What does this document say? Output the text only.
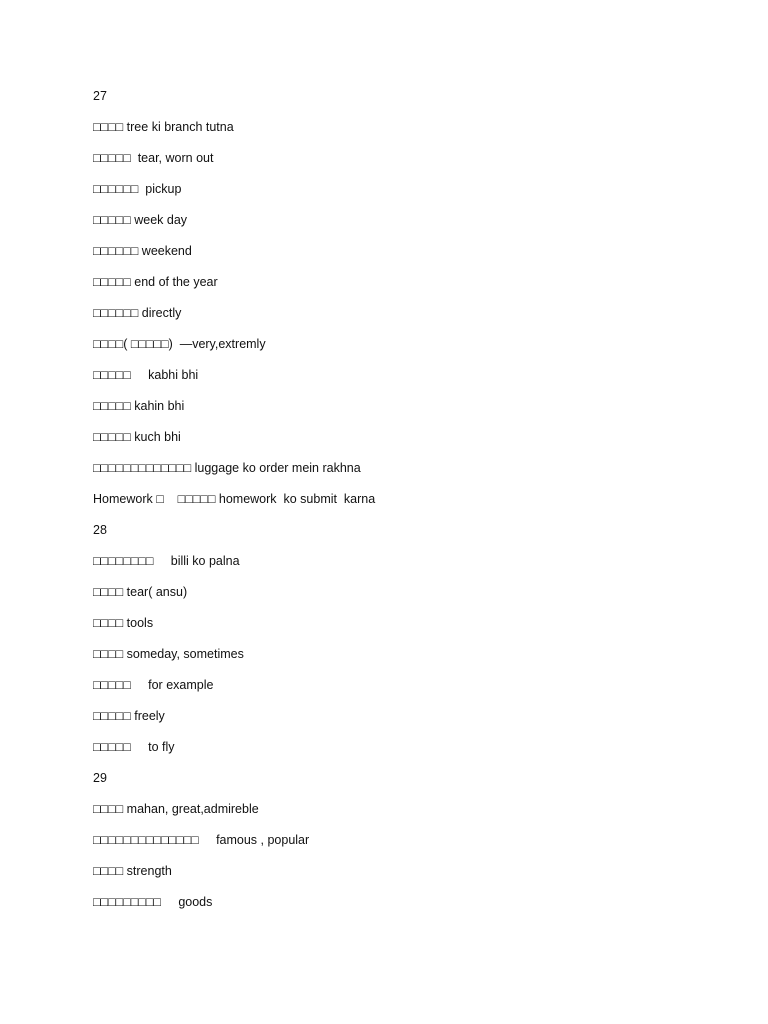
27
□□□□ tree ki branch tutna
□□□□□  tear, worn out
□□□□□□  pickup
□□□□□ week day
□□□□□□ weekend
□□□□□ end of the year
□□□□□□ directly
□□□□( □□□□□)  —very,extremly
□□□□□     kabhi bhi
□□□□□ kahin bhi
□□□□□ kuch bhi
□□□□□□□□□□□□□ luggage ko order mein rakhna
Homework □    □□□□□ homework  ko submit  karna
28
□□□□□□□□     billi ko palna
□□□□ tear( ansu)
□□□□ tools
□□□□ someday, sometimes
□□□□□     for example
□□□□□ freely
□□□□□     to fly
29
□□□□ mahan, great,admireble
□□□□□□□□□□□□□□     famous , popular
□□□□ strength
□□□□□□□□□     goods
